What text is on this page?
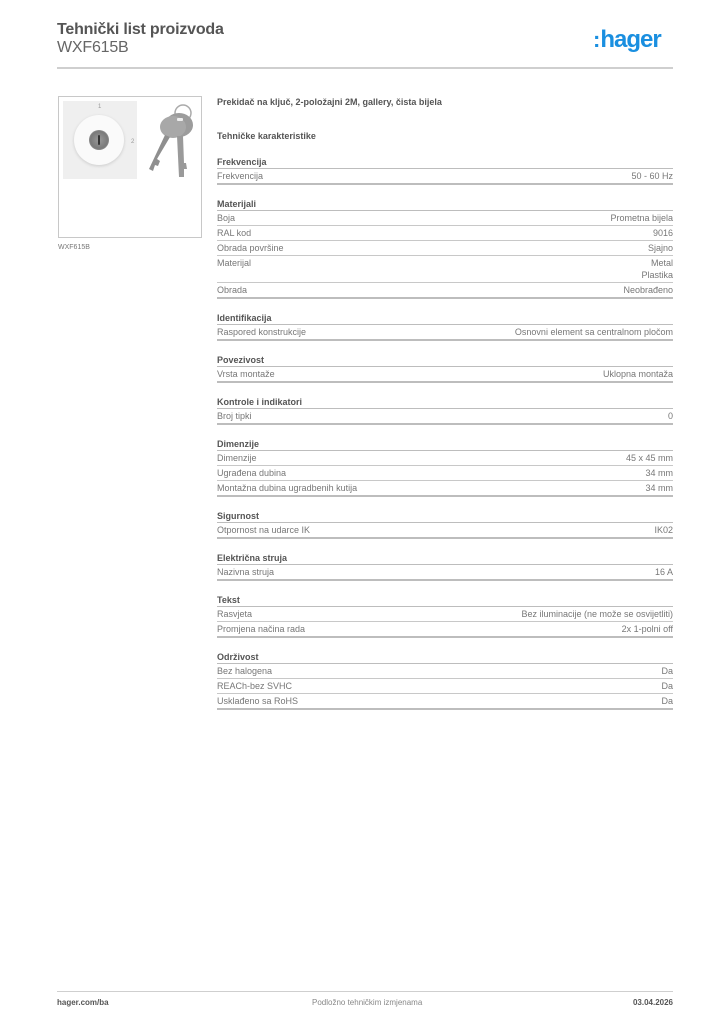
Tehnički list proizvoda
WXF615B	:hager
1
2
WXF615B
Prekidač na ključ, 2-položajni 2M, gallery, čista bijela
Tehničke karakteristike
Frekvencija
Frekvencija	50 - 60 Hz
Materijali
Boja	Prometna bijela
RAL kod	9016
Obrada površine	Sjajno
Materijal	Metal
Plastika
Obrada	Neobrađeno
Identifikacija
Raspored konstrukcije	Osnovni element sa centralnom pločom
Povezivost
Vrsta montaže	Uklopna montaža
Kontrole i indikatori
Broj tipki	0
Dimenzije
Dimenzije	45 x 45 mm
Ugrađena dubina	34 mm
Montažna dubina ugradbenih kutija	34 mm
Sigurnost
Otpornost na udarce IK	IK02
Električna struja
Nazivna struja	16 A
Tekst
Rasvjeta	Bez iluminacije (ne može se osvijetliti)
Promjena načina rada	2x 1-polni off
Održivost
Bez halogena	Da
REACh-bez SVHC	Da
Usklađeno sa RoHS	Da
hager.com/ba	Podložno tehničkim izmjenama	03.04.2026
